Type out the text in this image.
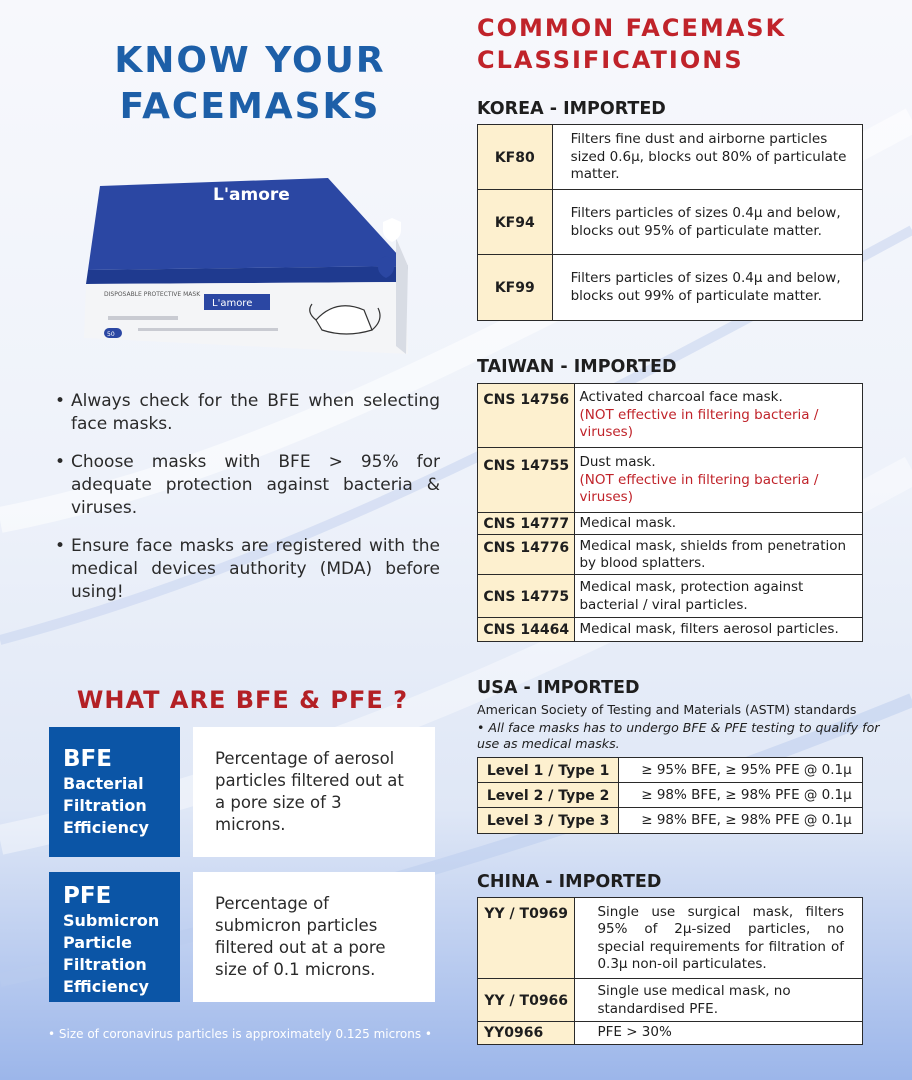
KNOW YOUR
FACEMASKS
L'amore
DISPOSABLE PROTECTIVE MASK
L'amore
50
• Always check for the BFE when selecting face masks.
• Choose masks with BFE > 95% for adequate protection against bacteria & viruses.
• Ensure face masks are registered with the medical devices authority (MDA) before using!
WHAT ARE BFE & PFE ?
BFE
Bacterial Filtration Efficiency
Percentage of aerosol particles filtered out at a pore size of 3 microns.
PFE
Submicron Particle Filtration Efficiency
Percentage of submicron particles filtered out at a pore size of 0.1 microns.
• Size of coronavirus particles is approximately 0.125 microns •
COMMON FACEMASK
CLASSIFICATIONS
KOREA - IMPORTED
KF80
Filters fine dust and airborne particles sized 0.6μ, blocks out 80% of particulate matter.
KF94
Filters particles of sizes 0.4μ and below, blocks out 95% of particulate matter.
KF99
Filters particles of sizes 0.4μ and below, blocks out 99% of particulate matter.
TAIWAN - IMPORTED
CNS 14756 Activated charcoal face mask.
(NOT effective in filtering bacteria / viruses)
CNS 14755 Dust mask.
(NOT effective in filtering bacteria / viruses)
CNS 14777 Medical mask.
CNS 14776 Medical mask, shields from penetration by blood splatters.
CNS 14775
Medical mask, protection against bacterial / viral particles.
CNS 14464 Medical mask, filters aerosol particles.
USA - IMPORTED
American Society of Testing and Materials (ASTM) standards
• All face masks has to undergo BFE & PFE testing to qualify for use as medical masks.
Level 1 / Type 1	≥ 95% BFE, ≥ 95% PFE @ 0.1μ
Level 2 / Type 2	≥ 98% BFE, ≥ 98% PFE @ 0.1μ
Level 3 / Type 3	≥ 98% BFE, ≥ 98% PFE @ 0.1μ
CHINA - IMPORTED
YY / T0969	Single use surgical mask, filters 95% of 2μ-sized particles, no special requirements for filtration of 0.3μ non-oil particulates.
YY / T0966
Single use medical mask, no standardised PFE.
YY0966	PFE > 30%
